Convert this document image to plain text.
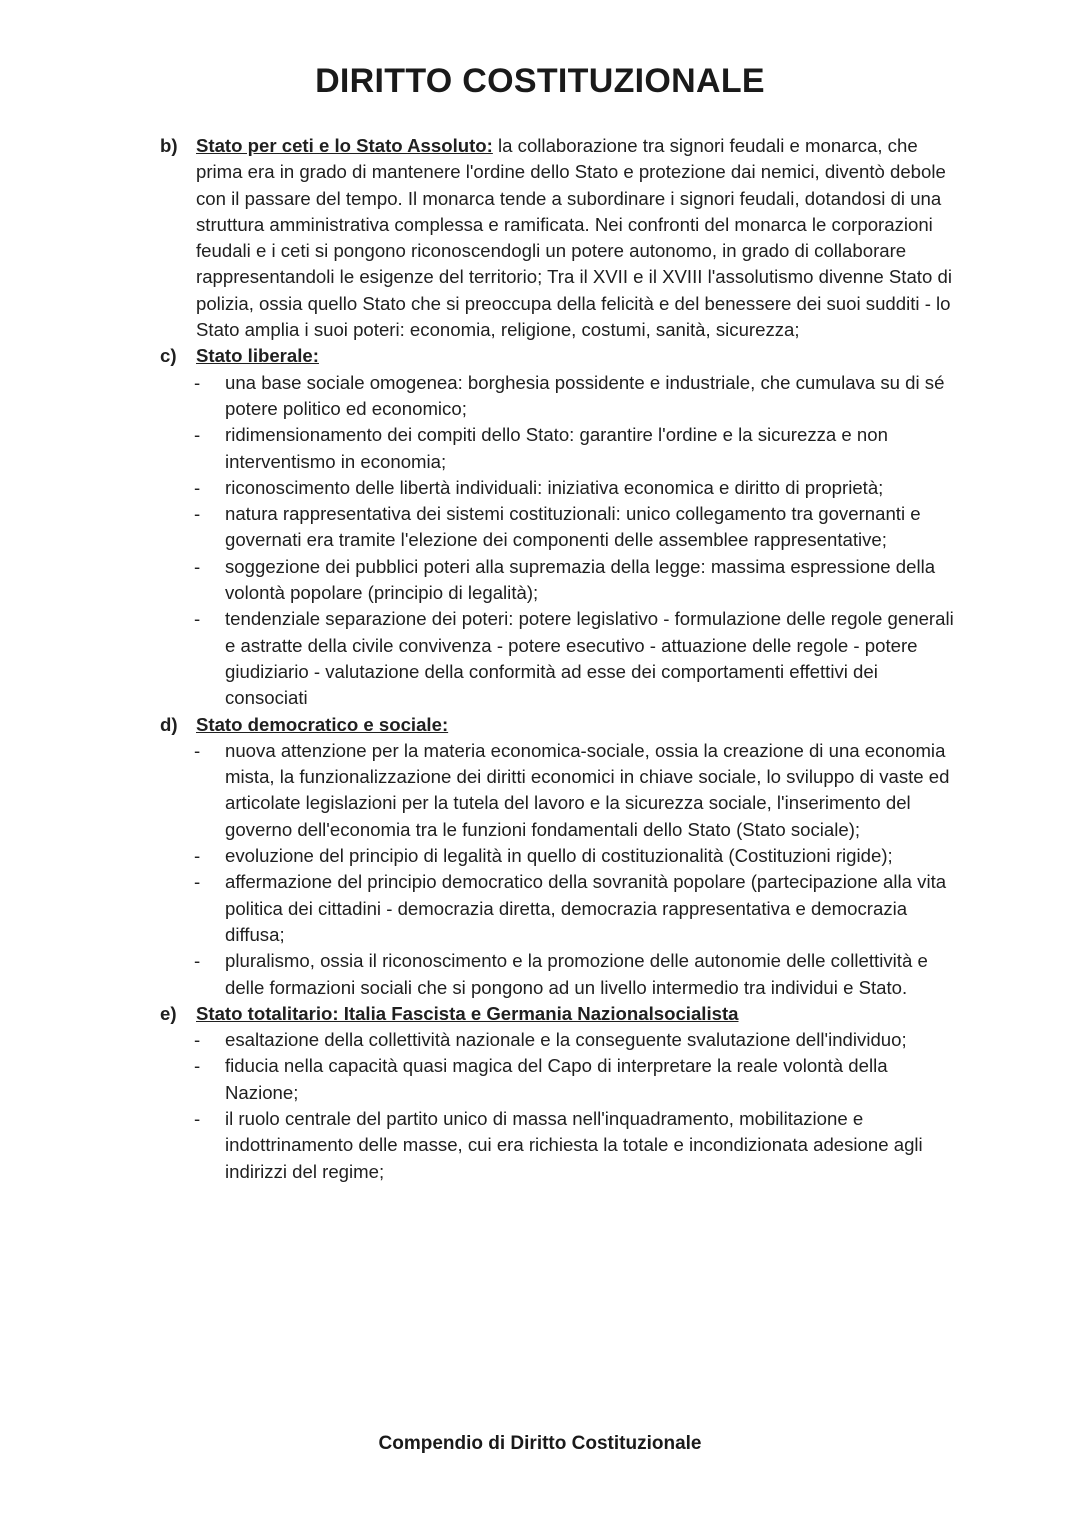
DIRITTO COSTITUZIONALE
b) Stato per ceti e lo Stato Assoluto: la collaborazione tra signori feudali e monarca, che prima era in grado di mantenere l'ordine dello Stato e protezione dai nemici, diventò debole con il passare del tempo. Il monarca tende a subordinare i signori feudali, dotandosi di una struttura amministrativa complessa e ramificata. Nei confronti del monarca le corporazioni feudali e i ceti si pongono riconoscendogli un potere autonomo, in grado di collaborare rappresentandoli le esigenze del territorio; Tra il XVII e il XVIII l'assolutismo divenne Stato di polizia, ossia quello Stato che si preoccupa della felicità e del benessere dei suoi sudditi - lo Stato amplia i suoi poteri: economia, religione, costumi, sanità, sicurezza;
c)	Stato liberale:
-	una base sociale omogenea: borghesia possidente e industriale, che cumulava su di sé potere politico ed economico;
-	ridimensionamento dei compiti dello Stato: garantire l'ordine e la sicurezza e non interventismo in economia;
-	riconoscimento delle libertà individuali: iniziativa economica e diritto di proprietà;
-	natura rappresentativa dei sistemi costituzionali: unico collegamento tra governanti e governati era tramite l'elezione dei componenti delle assemblee rappresentative;
-	soggezione dei pubblici poteri alla supremazia della legge: massima espressione della volontà popolare (principio di legalità);
-	tendenziale separazione dei poteri: potere legislativo - formulazione delle regole generali e astratte della civile convivenza - potere esecutivo - attuazione delle regole - potere giudiziario - valutazione della conformità ad esse dei comportamenti effettivi dei consociati
d) Stato democratico e sociale:
-	nuova attenzione per la materia economica-sociale, ossia la creazione di una economia mista, la funzionalizzazione dei diritti economici in chiave sociale, lo sviluppo di vaste ed articolate legislazioni per la tutela del lavoro e la sicurezza sociale, l'inserimento del governo dell'economia tra le funzioni fondamentali dello Stato (Stato sociale);
-	evoluzione del principio di legalità in quello di costituzionalità (Costituzioni rigide);
-	affermazione del principio democratico della sovranità popolare (partecipazione alla vita politica dei cittadini - democrazia diretta, democrazia rappresentativa e democrazia diffusa;
-	pluralismo, ossia il riconoscimento e la promozione delle autonomie delle collettività e delle formazioni sociali che si pongono ad un livello intermedio tra individui e Stato.
e)	Stato totalitario: Italia Fascista e Germania Nazionalsocialista
-	esaltazione della collettività nazionale e la conseguente svalutazione dell'individuo;
-	fiducia nella capacità quasi magica del Capo di interpretare la reale volontà della Nazione;
-	il ruolo centrale del partito unico di massa nell'inquadramento, mobilitazione e indottrinamento delle masse, cui era richiesta la totale e incondizionata adesione agli indirizzi del regime;
Compendio di Diritto Costituzionale
